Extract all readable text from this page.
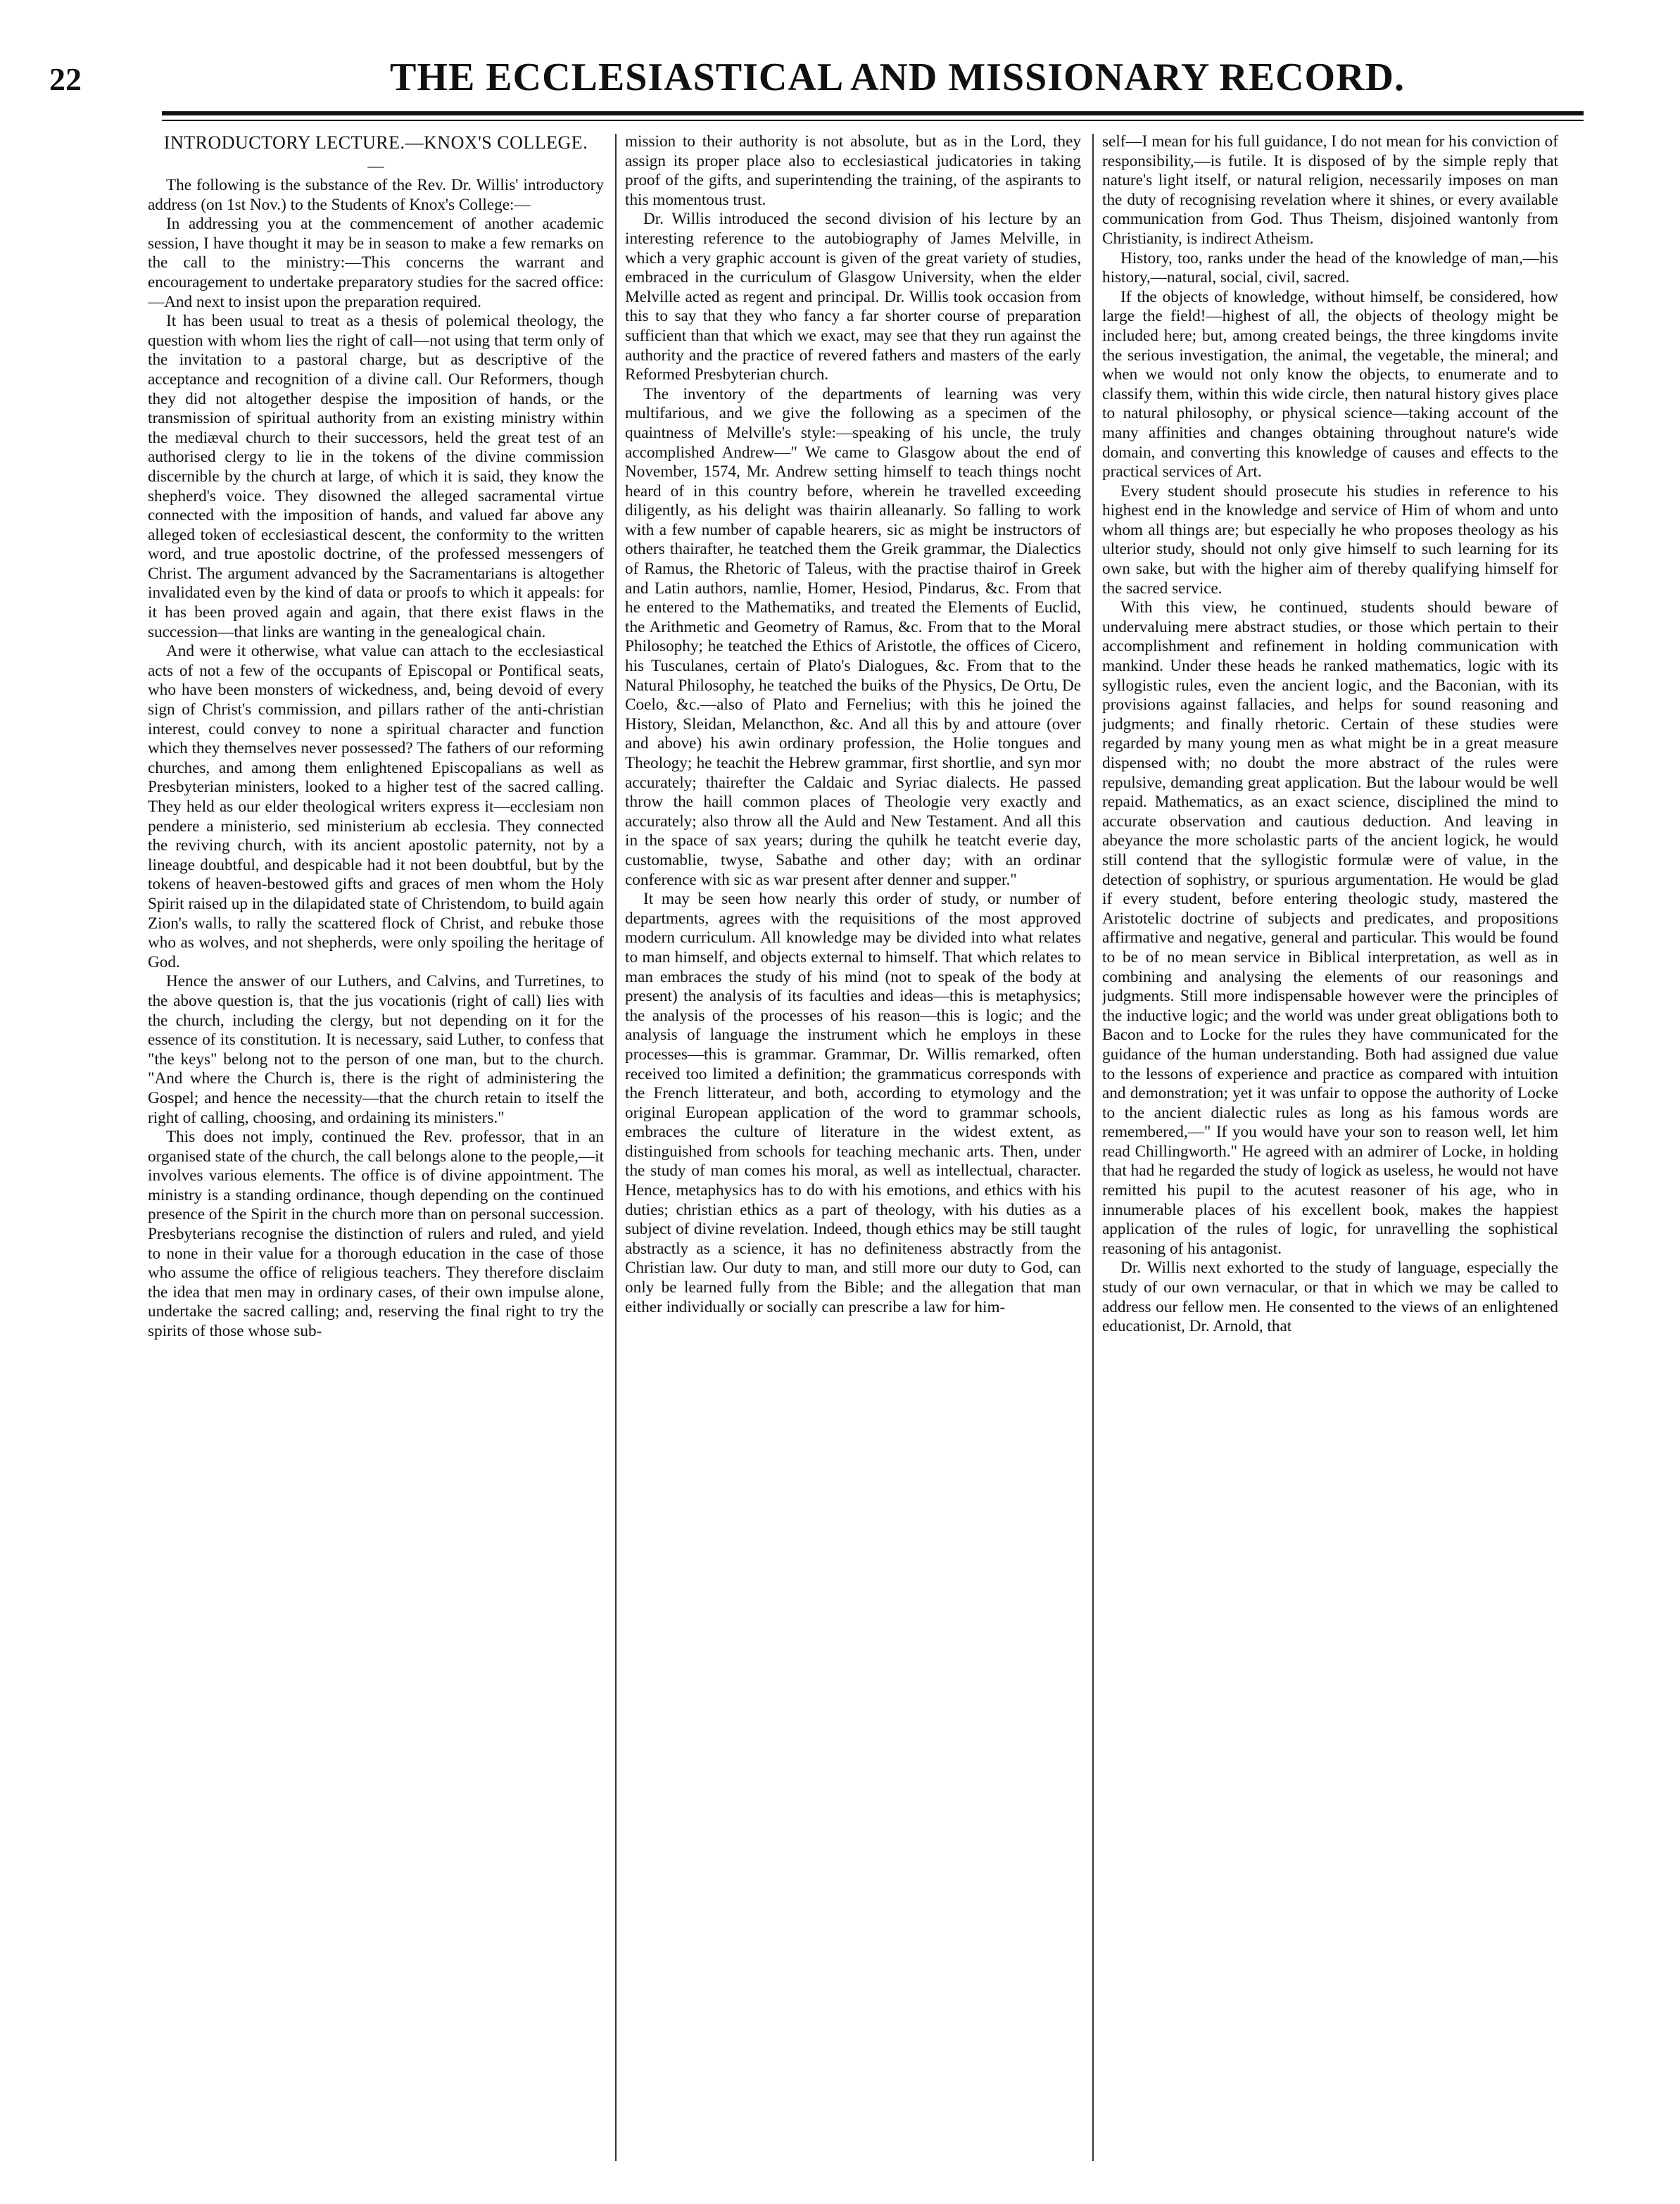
22	THE ECCLESIASTICAL AND MISSIONARY RECORD.
INTRODUCTORY LECTURE.—KNOX'S COLLEGE.
—

The following is the substance of the Rev. Dr. Willis' introductory address (on 1st Nov.) to the Students of Knox's College:—

In addressing you at the commencement of another academic session, I have thought it may be in season to make a few remarks on the call to the ministry:—This concerns the warrant and encouragement to undertake preparatory studies for the sacred office:—And next to insist upon the preparation required.

It has been usual to treat as a thesis of polemical theology, the question with whom lies the right of call—not using that term only of the invitation to a pastoral charge, but as descriptive of the acceptance and recognition of a divine call. Our Reformers, though they did not altogether despise the imposition of hands, or the transmission of spiritual authority from an existing ministry within the mediæval church to their successors, held the great test of an authorised clergy to lie in the tokens of the divine commission discernible by the church at large, of which it is said, they know the shepherd's voice. They disowned the alleged sacramental virtue connected with the imposition of hands, and valued far above any alleged token of ecclesiastical descent, the conformity to the written word, and true apostolic doctrine, of the professed messengers of Christ. The argument advanced by the Sacramentarians is altogether invalidated even by the kind of data or proofs to which it appeals: for it has been proved again and again, that there exist flaws in the succession—that links are wanting in the genealogical chain.

And were it otherwise, what value can attach to the ecclesiastical acts of not a few of the occupants of Episcopal or Pontifical seats, who have been monsters of wickedness, and, being devoid of every sign of Christ's commission, and pillars rather of the anti-christian interest, could convey to none a spiritual character and function which they themselves never possessed? The fathers of our reforming churches, and among them enlightened Episcopalians as well as Presbyterian ministers, looked to a higher test of the sacred calling. They held as our elder theological writers express it—ecclesiam non pendere a ministerio, sed ministerium ab ecclesia. They connected the reviving church, with its ancient apostolic paternity, not by a lineage doubtful, and despicable had it not been doubtful, but by the tokens of heaven-bestowed gifts and graces of men whom the Holy Spirit raised up in the dilapidated state of Christendom, to build again Zion's walls, to rally the scattered flock of Christ, and rebuke those who as wolves, and not shepherds, were only spoiling the heritage of God.

Hence the answer of our Luthers, and Calvins, and Turretines, to the above question is, that the jus vocationis (right of call) lies with the church, including the clergy, but not depending on it for the essence of its constitution. It is necessary, said Luther, to confess that "the keys" belong not to the person of one man, but to the church. "And where the Church is, there is the right of administering the Gospel; and hence the necessity—that the church retain to itself the right of calling, choosing, and ordaining its ministers."

This does not imply, continued the Rev. professor, that in an organised state of the church, the call belongs alone to the people,—it involves various elements. The office is of divine appointment. The ministry is a standing ordinance, though depending on the continued presence of the Spirit in the church more than on personal succession. Presbyterians recognise the distinction of rulers and ruled, and yield to none in their value for a thorough education in the case of those who assume the office of religious teachers. They therefore disclaim the idea that men may in ordinary cases, of their own impulse alone, undertake the sacred calling; and, reserving the final right to try the spirits of those whose sub-

mission to their authority is not absolute, but as in the Lord, they assign its proper place also to ecclesiastical judicatories in taking proof of the gifts, and superintending the training, of the aspirants to this momentous trust.

Dr. Willis introduced the second division of his lecture by an interesting reference to the autobiography of James Melville, in which a very graphic account is given of the great variety of studies, embraced in the curriculum of Glasgow University, when the elder Melville acted as regent and principal. Dr. Willis took occasion from this to say that they who fancy a far shorter course of preparation sufficient than that which we exact, may see that they run against the authority and the practice of revered fathers and masters of the early Reformed Presbyterian church.

The inventory of the departments of learning was very multifarious, and we give the following as a specimen of the quaintness of Melville's style:—speaking of his uncle, the truly accomplished Andrew—" We came to Glasgow about the end of November, 1574, Mr. Andrew setting himself to teach things nocht heard of in this country before, wherein he travelled exceeding diligently, as his delight was thairin alleanarly. So falling to work with a few number of capable hearers, sic as might be instructors of others thairafter, he teatched them the Greik grammar, the Dialectics of Ramus, the Rhetoric of Taleus, with the practise thairof in Greek and Latin authors, namlie, Homer, Hesiod, Pindarus, &c. From that he entered to the Mathematiks, and treated the Elements of Euclid, the Arithmetic and Geometry of Ramus, &c. From that to the Moral Philosophy; he teatched the Ethics of Aristotle, the offices of Cicero, his Tusculanes, certain of Plato's Dialogues, &c. From that to the Natural Philosophy, he teatched the buiks of the Physics, De Ortu, De Coelo, &c.—also of Plato and Fernelius; with this he joined the History, Sleidan, Melancthon, &c. And all this by and attoure (over and above) his awin ordinary profession, the Holie tongues and Theology; he teachit the Hebrew grammar, first shortlie, and syn mor accurately; thairefter the Caldaic and Syriac dialects. He passed throw the haill common places of Theologie very exactly and accurately; also throw all the Auld and New Testament. And all this in the space of sax years; during the quhilk he teatcht everie day, customablie, twyse, Sabathe and other day; with an ordinar conference with sic as war present after denner and supper."

It may be seen how nearly this order of study, or number of departments, agrees with the requisitions of the most approved modern curriculum. All knowledge may be divided into what relates to man himself, and objects external to himself. That which relates to man embraces the study of his mind (not to speak of the body at present) the analysis of its faculties and ideas—this is metaphysics; the analysis of the processes of his reason—this is logic; and the analysis of language the instrument which he employs in these processes—this is grammar. Grammar, Dr. Willis remarked, often received too limited a definition; the grammaticus corresponds with the French litterateur, and both, according to etymology and the original European application of the word to grammar schools, embraces the culture of literature in the widest extent, as distinguished from schools for teaching mechanic arts. Then, under the study of man comes his moral, as well as intellectual, character. Hence, metaphysics has to do with his emotions, and ethics with his duties; christian ethics as a part of theology, with his duties as a subject of divine revelation. Indeed, though ethics may be still taught abstractly as a science, it has no definiteness abstractly from the Christian law. Our duty to man, and still more our duty to God, can only be learned fully from the Bible; and the allegation that man either individually or socially can prescribe a law for him-

self—I mean for his full guidance, I do not mean for his conviction of responsibility,—is futile. It is disposed of by the simple reply that nature's light itself, or natural religion, necessarily imposes on man the duty of recognising revelation where it shines, or every available communication from God. Thus Theism, disjoined wantonly from Christianity, is indirect Atheism.

History, too, ranks under the head of the knowledge of man,—his history,—natural, social, civil, sacred.

If the objects of knowledge, without himself, be considered, how large the field!—highest of all, the objects of theology might be included here; but, among created beings, the three kingdoms invite the serious investigation, the animal, the vegetable, the mineral; and when we would not only know the objects, to enumerate and to classify them, within this wide circle, then natural history gives place to natural philosophy, or physical science—taking account of the many affinities and changes obtaining throughout nature's wide domain, and converting this knowledge of causes and effects to the practical services of Art.

Every student should prosecute his studies in reference to his highest end in the knowledge and service of Him of whom and unto whom all things are; but especially he who proposes theology as his ulterior study, should not only give himself to such learning for its own sake, but with the higher aim of thereby qualifying himself for the sacred service.

With this view, he continued, students should beware of undervaluing mere abstract studies, or those which pertain to their accomplishment and refinement in holding communication with mankind. Under these heads he ranked mathematics, logic with its syllogistic rules, even the ancient logic, and the Baconian, with its provisions against fallacies, and helps for sound reasoning and judgments; and finally rhetoric. Certain of these studies were regarded by many young men as what might be in a great measure dispensed with; no doubt the more abstract of the rules were repulsive, demanding great application. But the labour would be well repaid. Mathematics, as an exact science, disciplined the mind to accurate observation and cautious deduction. And leaving in abeyance the more scholastic parts of the ancient logick, he would still contend that the syllogistic formulæ were of value, in the detection of sophistry, or spurious argumentation. He would be glad if every student, before entering theologic study, mastered the Aristotelic doctrine of subjects and predicates, and propositions affirmative and negative, general and particular. This would be found to be of no mean service in Biblical interpretation, as well as in combining and analysing the elements of our reasonings and judgments. Still more indispensable however were the principles of the inductive logic; and the world was under great obligations both to Bacon and to Locke for the rules they have communicated for the guidance of the human understanding. Both had assigned due value to the lessons of experience and practice as compared with intuition and demonstration; yet it was unfair to oppose the authority of Locke to the ancient dialectic rules as long as his famous words are remembered,—" If you would have your son to reason well, let him read Chillingworth." He agreed with an admirer of Locke, in holding that had he regarded the study of logick as useless, he would not have remitted his pupil to the acutest reasoner of his age, who in innumerable places of his excellent book, makes the happiest application of the rules of logic, for unravelling the sophistical reasoning of his antagonist.

Dr. Willis next exhorted to the study of language, especially the study of our own vernacular, or that in which we may be called to address our fellow men. He consented to the views of an enlightened educationist, Dr. Arnold, that
